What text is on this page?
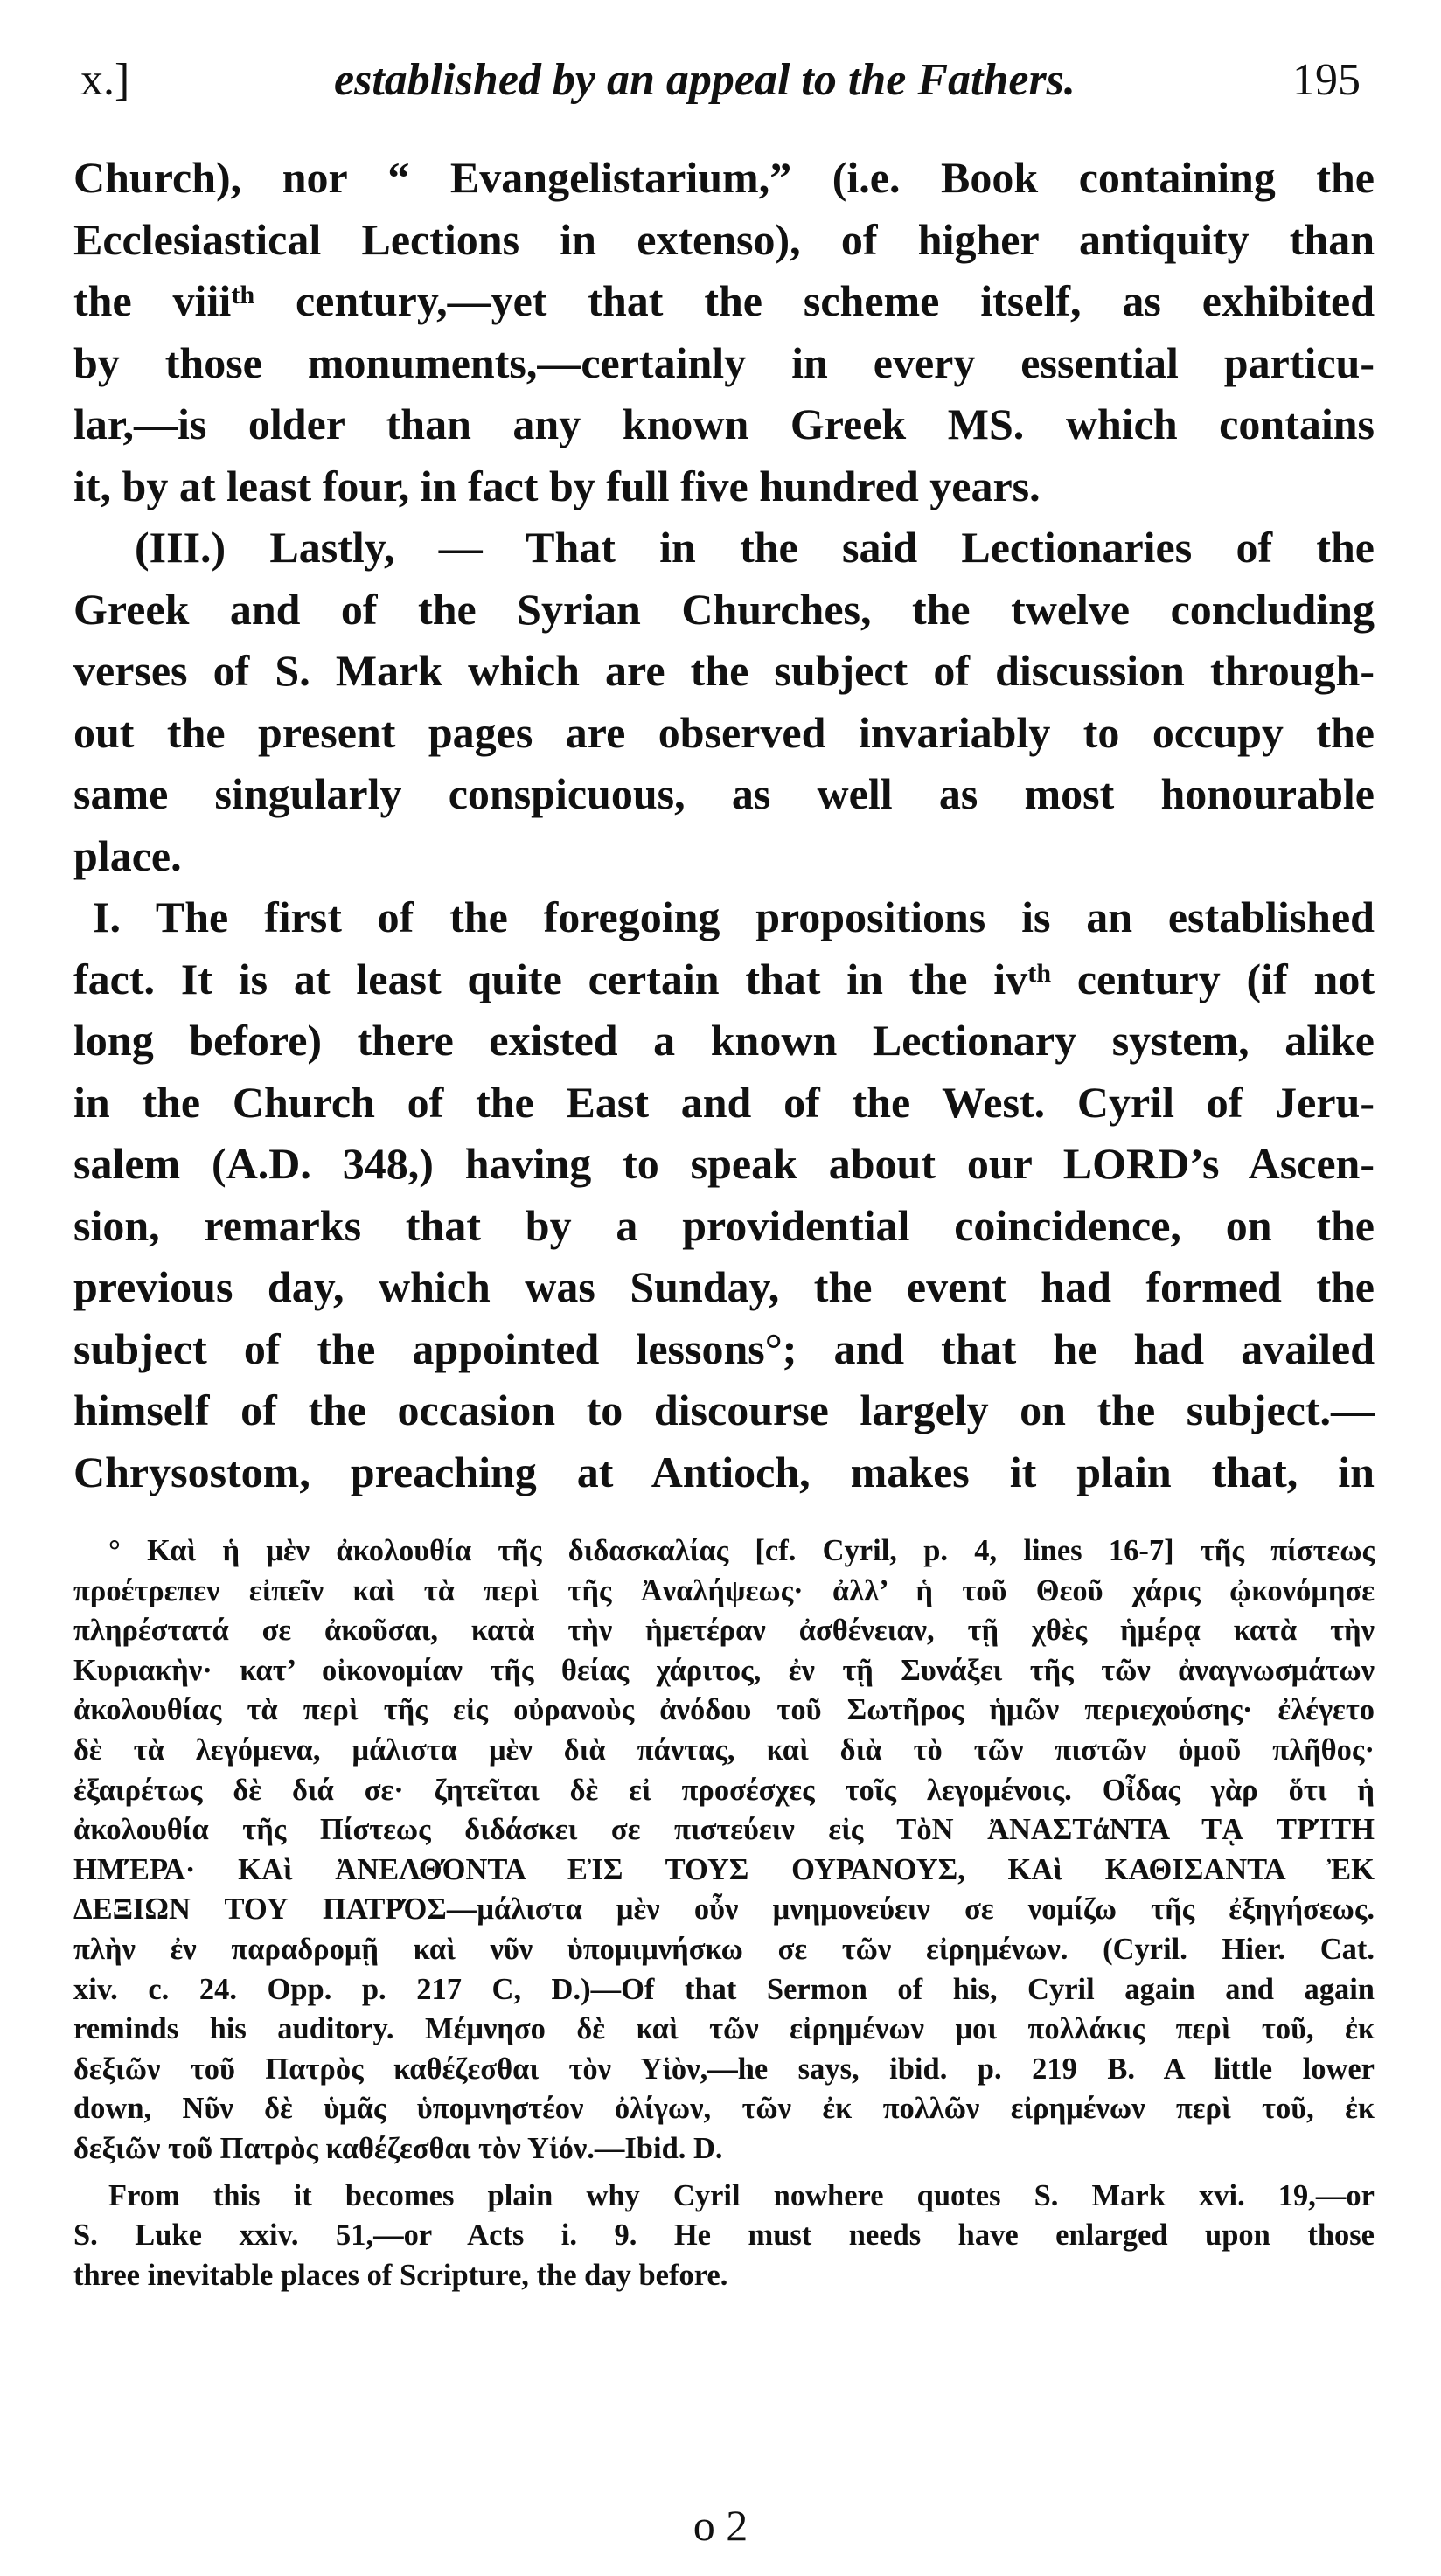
x.]	established by an appeal to the Fathers.	195
Church), nor “ Evangelistarium,” (i.e. Book containing the
Ecclesiastical Lections in extenso), of higher antiquity than
the viiiᵗʰ century,—yet that the scheme itself, as exhibited
by those monuments,—certainly in every essential particu-
lar,—is older than any known Greek MS. which contains
it, by at least four, in fact by full five hundred years.
(III.) Lastly, — That in the said Lectionaries of the
Greek and of the Syrian Churches, the twelve concluding
verses of S. Mark which are the subject of discussion through-
out the present pages are observed invariably to occupy the
same singularly conspicuous, as well as most honourable
place.
I. The first of the foregoing propositions is an established
fact. It is at least quite certain that in the ivᵗʰ century (if not
long before) there existed a known Lectionary system, alike
in the Church of the East and of the West. Cyril of Jeru-
salem (A.D. 348,) having to speak about our LORD’s Ascen-
sion, remarks that by a providential coincidence, on the
previous day, which was Sunday, the event had formed the
subject of the appointed lessons°; and that he had availed
himself of the occasion to discourse largely on the subject.—
Chrysostom, preaching at Antioch, makes it plain that, in
° Καὶ ἡ μὲν ἀκολουθία τῆς διδασκαλίας [cf. Cyril, p. 4, lines 16-7] τῆς πίστεως
προέτρεπεν εἰπεῖν καὶ τὰ περὶ τῆς Ἀναλήψεως· ἀλλ’ ἡ τοῦ Θεοῦ χάρις ᾠκονόμησε
πληρέστατά σε ἀκοῦσαι, κατὰ τὴν ἡμετέραν ἀσθένειαν, τῇ χθὲς ἡμέρᾳ κατὰ τὴν
Κυριακὴν· κατ’ οἰκονομίαν τῆς θείας χάριτος, ἐν τῇ Συνάξει τῆς τῶν ἀναγνωσμάτων
ἀκολουθίας τὰ περὶ τῆς εἰς οὐρανοὺς ἀνόδου τοῦ Σωτῆρος ἡμῶν περιεχούσης· ἐλέγετο
δὲ τὰ λεγόμενα, μάλιστα μὲν διὰ πάντας, καὶ διὰ τὸ τῶν πιστῶν ὁμοῦ πλῆθος·
ἐξαιρέτως δὲ διά σε· ζητεῖται δὲ εἰ προσέσχες τοῖς λεγομένοις. Οἶδας γὰρ ὅτι ἡ
ἀκολουθία τῆς Πίστεως διδάσκει σε πιστεύειν εἰς ΤὸΝ ἈΝΑΣΤάΝΤΑ Τᾼ ΤΡΊΤΗ
ΗΜΈΡΑ· ΚΑὶ ἈΝΕΛΘΌΝΤΑ ΕἸΣ ΤΟΥΣ ΟΥΡΑΝΟΥΣ, ΚΑὶ ΚΑΘΙΣΑΝΤΑ ἘΚ
ΔΕΞΙΩΝ ΤΟΥ ΠΑΤΡΌΣ—μάλιστα μὲν οὖν μνημονεύειν σε νομίζω τῆς ἐξηγήσεως.
πλὴν ἐν παραδρομῇ καὶ νῦν ὑπομιμνήσκω σε τῶν εἰρημένων. (Cyril. Hier. Cat.
xiv. c. 24. Opp. p. 217 C, D.)—Of that Sermon of his, Cyril again and again
reminds his auditory. Μέμνησο δὲ καὶ τῶν εἰρημένων μοι πολλάκις περὶ τοῦ, ἐκ
δεξιῶν τοῦ Πατρὸς καθέζεσθαι τὸν Υἱὸν,—he says, ibid. p. 219 B. A little lower
down, Νῦν δὲ ὑμᾶς ὑπομνηστέον ὀλίγων, τῶν ἐκ πολλῶν εἰρημένων περὶ τοῦ, ἐκ
δεξιῶν τοῦ Πατρὸς καθέζεσθαι τὸν Υἱόν.—Ibid. D.
From this it becomes plain why Cyril nowhere quotes S. Mark xvi. 19,—or
S. Luke xxiv. 51,—or Acts i. 9. He must needs have enlarged upon those
three inevitable places of Scripture, the day before.
o 2
